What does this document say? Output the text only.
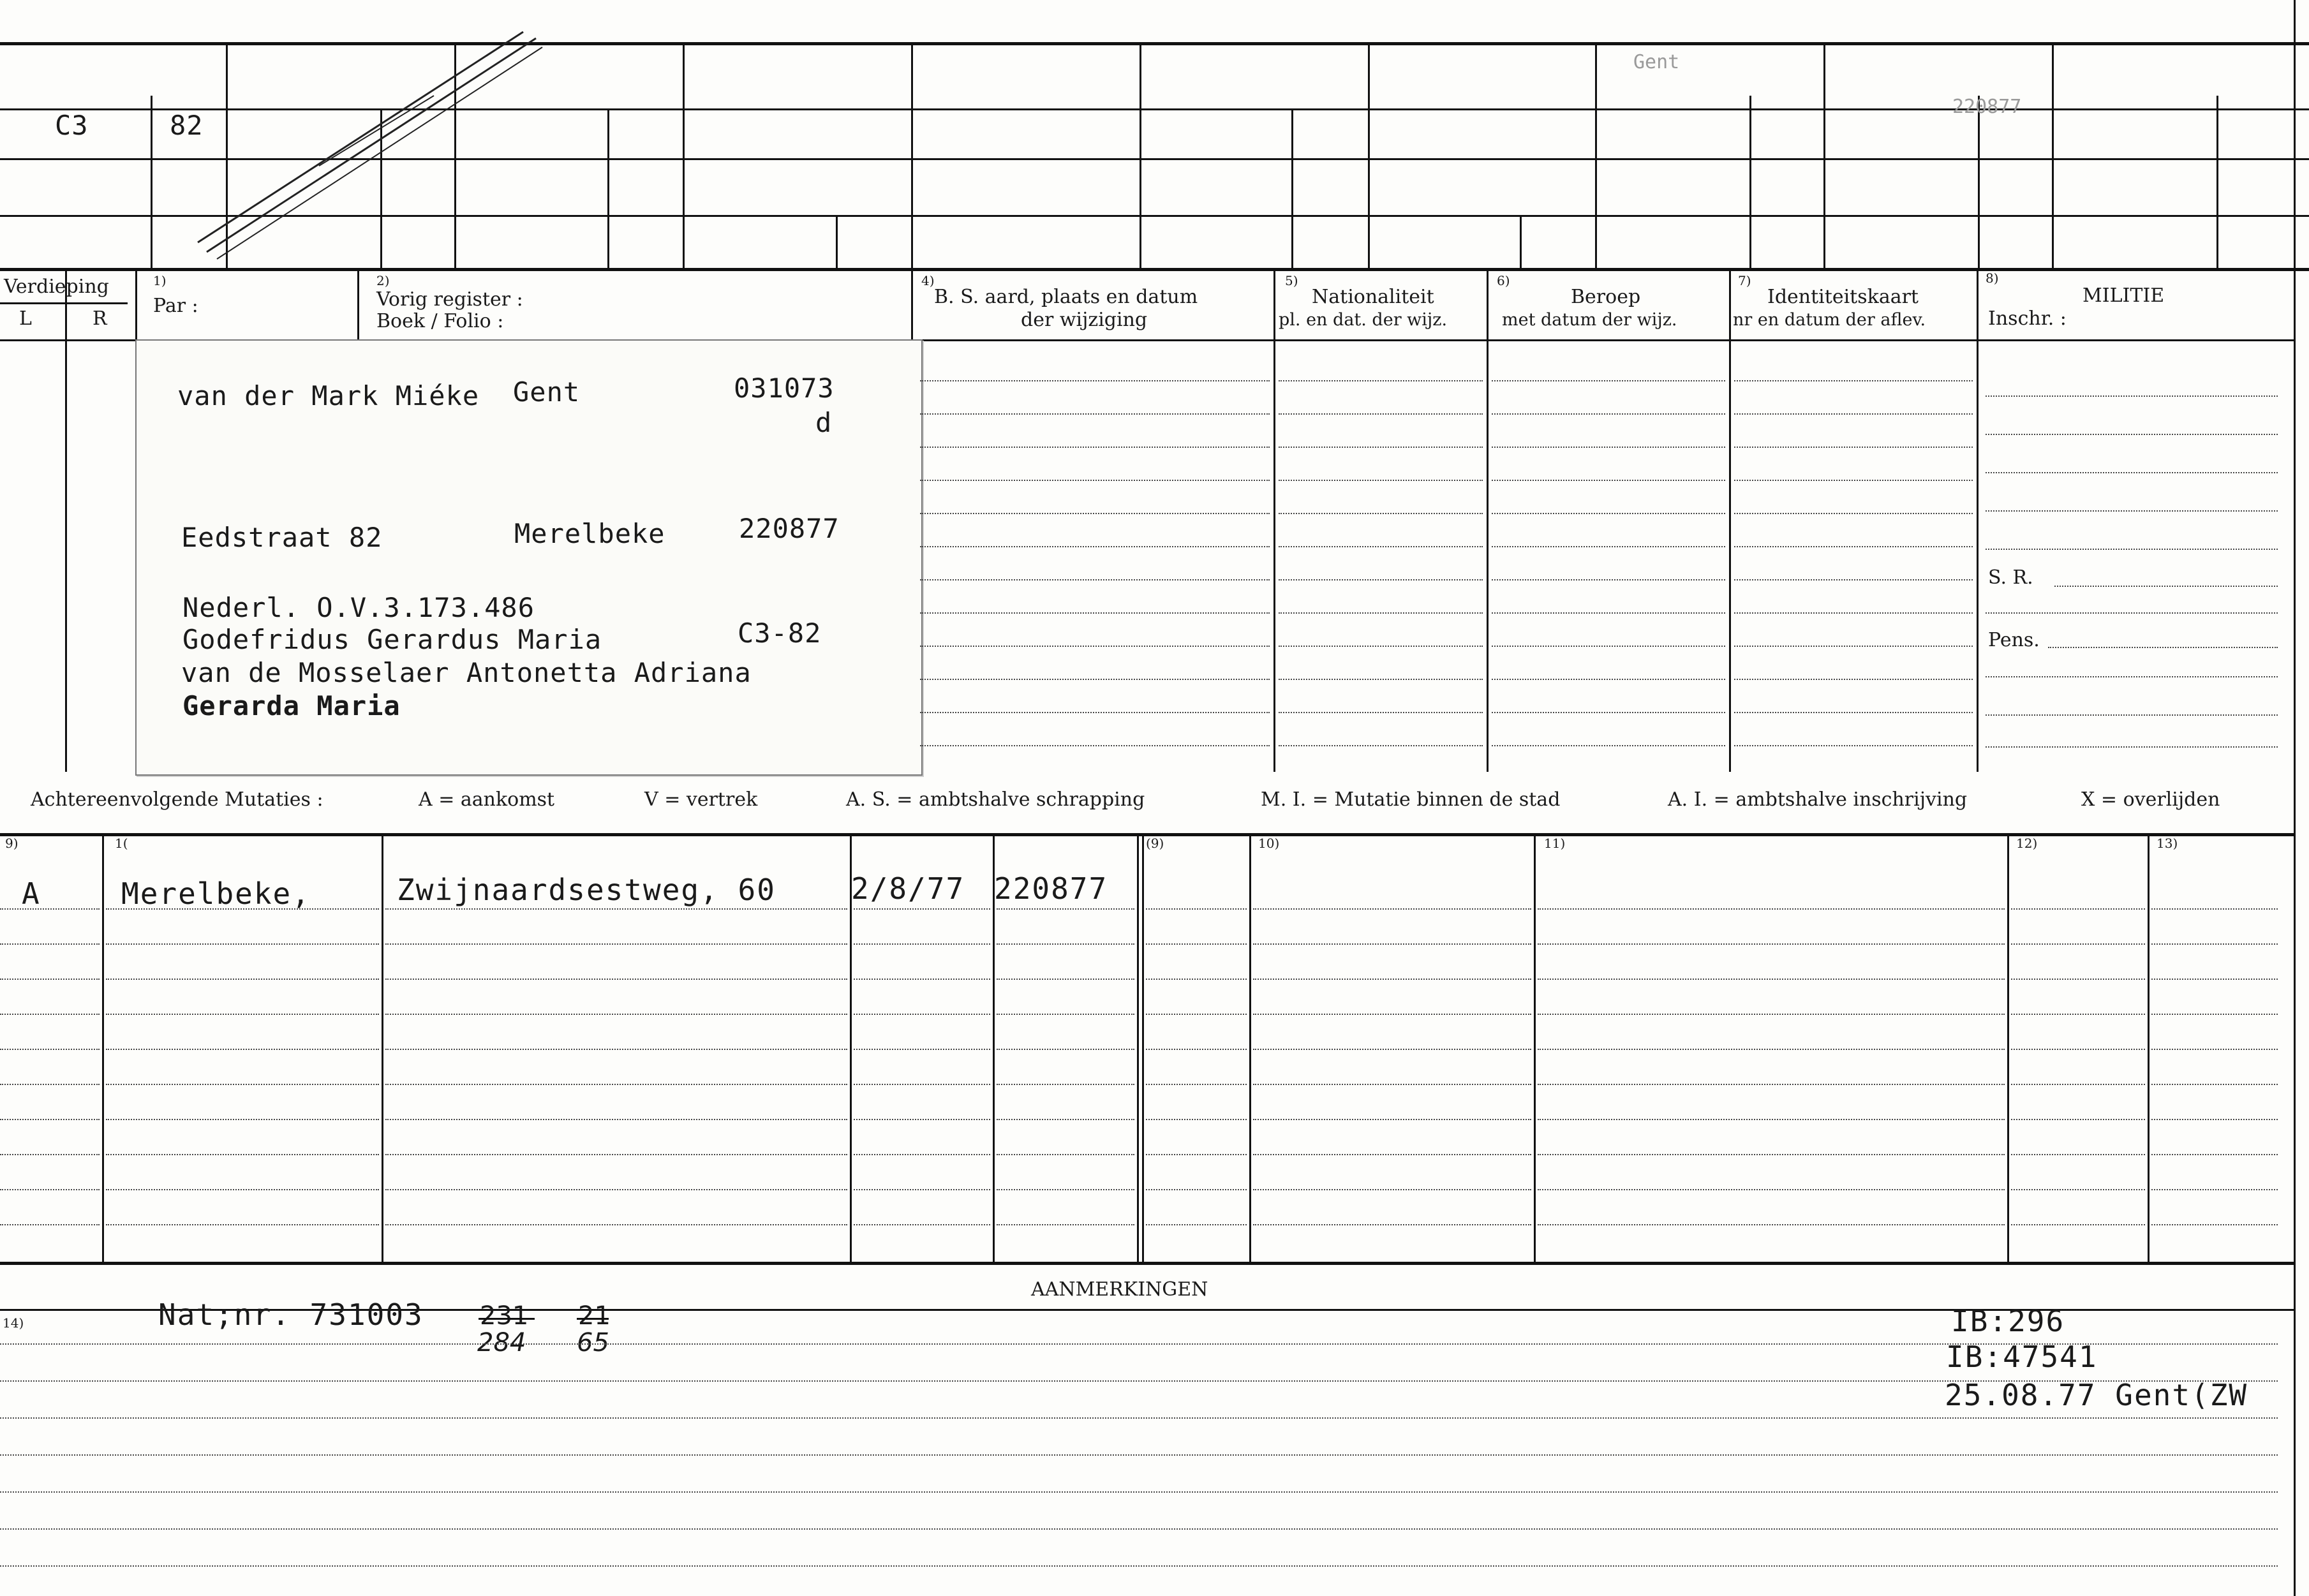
C3	82
Gent
220877
Verdieping
L	R
1)
Par :
2)
Vorig register :
Boek / Folio :
4)
B. S. aard, plaats en datum
der wijziging
5)
Nationaliteit
pl. en dat. der wijz.
6)
Beroep
met datum der wijz.
7)
Identiteitskaart
nr en datum der aflev.
8)
MILITIE
Inschr. :
S. R.
Pens.
van der Mark Miéke Gent	031073
d
Eedstraat 82	Merelbeke	220877
Nederl. O.V.3.173.486
Godefridus Gerardus Maria	C3-82
van de Mosselaer Antonetta Adriana
Gerarda Maria
Achtereenvolgende Mutaties :	A = aankomst	V = vertrek	A. S. = ambtshalve schrapping	M. I. = Mutatie binnen de stad	A. I. = ambtshalve inschrijving	X = overlijden
9)	1(	(9)	10)	11)	12)	13)
A	Merelbeke,	Zwijnaardsestweg, 60	2/8/77 220877
AANMERKINGEN
14)	Nat;nr. 731003 231
284
21
65
IB:296
IB:47541
25.08.77 Gent(ZW
